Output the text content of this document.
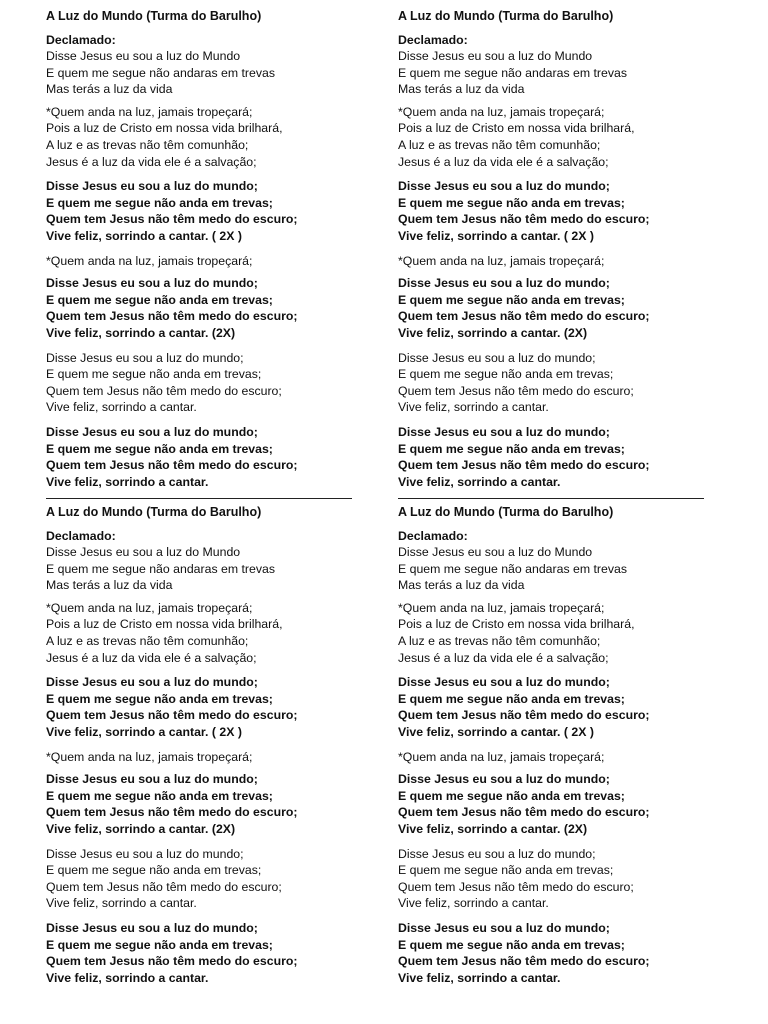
A Luz do Mundo (Turma do Barulho)
Declamado:
Disse Jesus eu sou a luz do Mundo
E quem me segue não andaras em trevas
Mas terás a luz da vida
*Quem anda na luz, jamais tropeçará;
Pois a luz de Cristo em nossa vida brilhará,
A luz e as trevas não têm comunhão;
Jesus é a luz da vida ele é a salvação;
Disse Jesus eu sou a luz do mundo;
E quem me segue não anda em trevas;
Quem tem Jesus não têm medo do escuro;
Vive feliz, sorrindo a cantar. ( 2X )
*Quem anda na luz, jamais tropeçará;
Disse Jesus eu sou a luz do mundo;
E quem me segue não anda em trevas;
Quem tem Jesus não têm medo do escuro;
Vive feliz, sorrindo a cantar. (2X)
Disse Jesus eu sou a luz do mundo;
E quem me segue não anda em trevas;
Quem tem Jesus não têm medo do escuro;
Vive feliz, sorrindo a cantar.
Disse Jesus eu sou a luz do mundo;
E quem me segue não anda em trevas;
Quem tem Jesus não têm medo do escuro;
Vive feliz, sorrindo a cantar.
A Luz do Mundo (Turma do Barulho)
Declamado:
Disse Jesus eu sou a luz do Mundo
E quem me segue não andaras em trevas
Mas terás a luz da vida
*Quem anda na luz, jamais tropeçará;
Pois a luz de Cristo em nossa vida brilhará,
A luz e as trevas não têm comunhão;
Jesus é a luz da vida ele é a salvação;
Disse Jesus eu sou a luz do mundo;
E quem me segue não anda em trevas;
Quem tem Jesus não têm medo do escuro;
Vive feliz, sorrindo a cantar. ( 2X )
*Quem anda na luz, jamais tropeçará;
Disse Jesus eu sou a luz do mundo;
E quem me segue não anda em trevas;
Quem tem Jesus não têm medo do escuro;
Vive feliz, sorrindo a cantar. (2X)
Disse Jesus eu sou a luz do mundo;
E quem me segue não anda em trevas;
Quem tem Jesus não têm medo do escuro;
Vive feliz, sorrindo a cantar.
Disse Jesus eu sou a luz do mundo;
E quem me segue não anda em trevas;
Quem tem Jesus não têm medo do escuro;
Vive feliz, sorrindo a cantar.
A Luz do Mundo (Turma do Barulho)
Declamado:
Disse Jesus eu sou a luz do Mundo
E quem me segue não andaras em trevas
Mas terás a luz da vida
*Quem anda na luz, jamais tropeçará;
Pois a luz de Cristo em nossa vida brilhará,
A luz e as trevas não têm comunhão;
Jesus é a luz da vida ele é a salvação;
Disse Jesus eu sou a luz do mundo;
E quem me segue não anda em trevas;
Quem tem Jesus não têm medo do escuro;
Vive feliz, sorrindo a cantar. ( 2X )
*Quem anda na luz, jamais tropeçará;
Disse Jesus eu sou a luz do mundo;
E quem me segue não anda em trevas;
Quem tem Jesus não têm medo do escuro;
Vive feliz, sorrindo a cantar. (2X)
Disse Jesus eu sou a luz do mundo;
E quem me segue não anda em trevas;
Quem tem Jesus não têm medo do escuro;
Vive feliz, sorrindo a cantar.
Disse Jesus eu sou a luz do mundo;
E quem me segue não anda em trevas;
Quem tem Jesus não têm medo do escuro;
Vive feliz, sorrindo a cantar.
A Luz do Mundo (Turma do Barulho)
Declamado:
Disse Jesus eu sou a luz do Mundo
E quem me segue não andaras em trevas
Mas terás a luz da vida
*Quem anda na luz, jamais tropeçará;
Pois a luz de Cristo em nossa vida brilhará,
A luz e as trevas não têm comunhão;
Jesus é a luz da vida ele é a salvação;
Disse Jesus eu sou a luz do mundo;
E quem me segue não anda em trevas;
Quem tem Jesus não têm medo do escuro;
Vive feliz, sorrindo a cantar. ( 2X )
*Quem anda na luz, jamais tropeçará;
Disse Jesus eu sou a luz do mundo;
E quem me segue não anda em trevas;
Quem tem Jesus não têm medo do escuro;
Vive feliz, sorrindo a cantar. (2X)
Disse Jesus eu sou a luz do mundo;
E quem me segue não anda em trevas;
Quem tem Jesus não têm medo do escuro;
Vive feliz, sorrindo a cantar.
Disse Jesus eu sou a luz do mundo;
E quem me segue não anda em trevas;
Quem tem Jesus não têm medo do escuro;
Vive feliz, sorrindo a cantar.
